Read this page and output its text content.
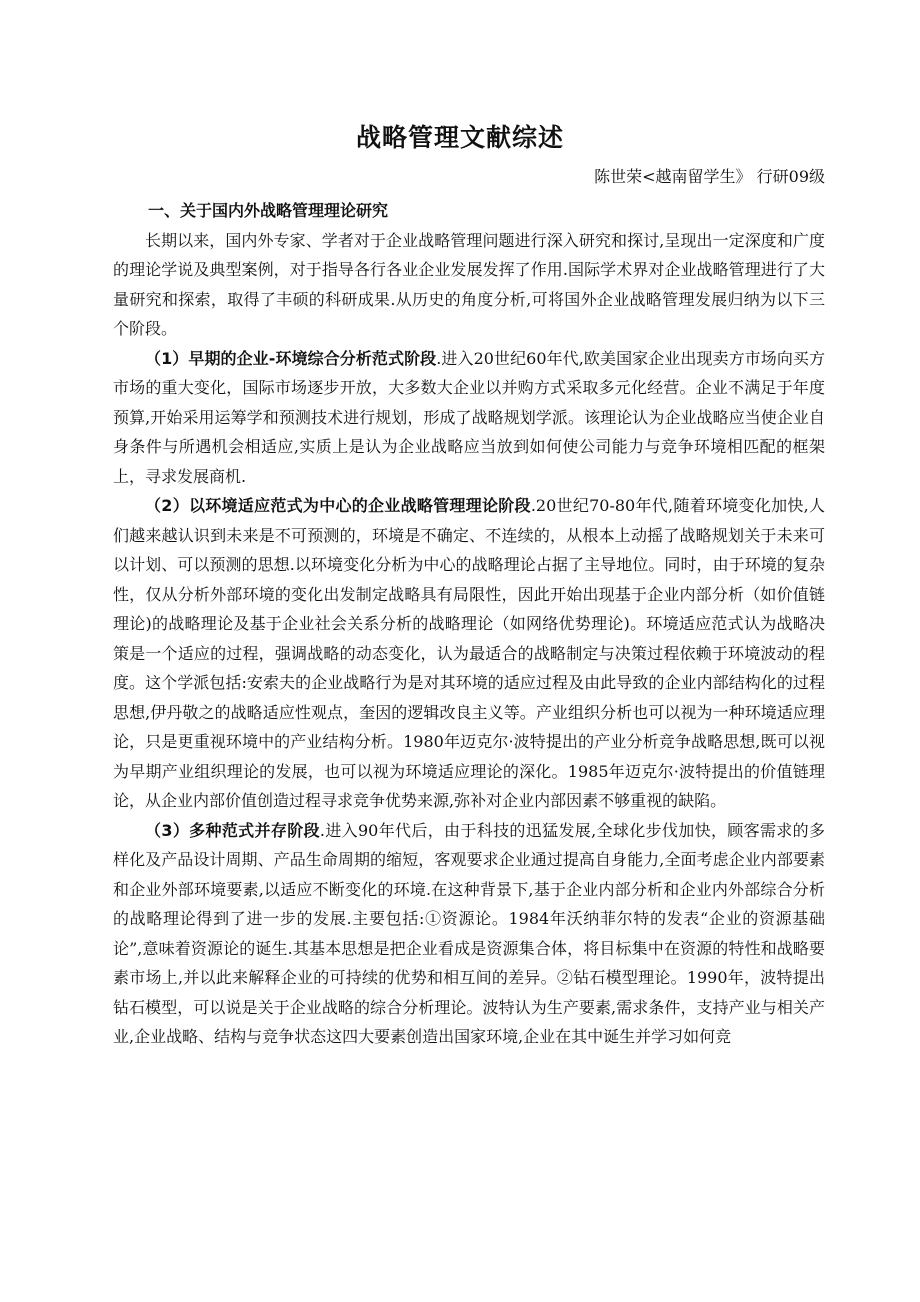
战略管理文献综述
陈世荣<越南留学生》 行研09级

一、关于国内外战略管理理论研究

长期以来，国内外专家、学者对于企业战略管理问题进行深入研究和探讨,呈现出一定深度和广度的理论学说及典型案例，对于指导各行各业企业发展发挥了作用.国际学术界对企业战略管理进行了大量研究和探索，取得了丰硕的科研成果.从历史的角度分析,可将国外企业战略管理发展归纳为以下三个阶段。

（1）早期的企业-环境综合分析范式阶段.进入20世纪60年代,欧美国家企业出现卖方市场向买方市场的重大变化，国际市场逐步开放，大多数大企业以并购方式采取多元化经营。企业不满足于年度预算,开始采用运筹学和预测技术进行规划，形成了战略规划学派。该理论认为企业战略应当使企业自身条件与所遇机会相适应,实质上是认为企业战略应当放到如何使公司能力与竞争环境相匹配的框架上，寻求发展商机.

（2）以环境适应范式为中心的企业战略管理理论阶段.20世纪70-80年代,随着环境变化加快,人们越来越认识到未来是不可预测的，环境是不确定、不连续的，从根本上动摇了战略规划关于未来可以计划、可以预测的思想.以环境变化分析为中心的战略理论占据了主导地位。同时，由于环境的复杂性，仅从分析外部环境的变化出发制定战略具有局限性，因此开始出现基于企业内部分析（如价值链理论)的战略理论及基于企业社会关系分析的战略理论（如网络优势理论)。环境适应范式认为战略决策是一个适应的过程，强调战略的动态变化，认为最适合的战略制定与决策过程依赖于环境波动的程度。这个学派包括:安索夫的企业战略行为是对其环境的适应过程及由此导致的企业内部结构化的过程思想,伊丹敬之的战略适应性观点，奎因的逻辑改良主义等。产业组织分析也可以视为一种环境适应理论，只是更重视环境中的产业结构分析。1980年迈克尔·波特提出的产业分析竞争战略思想,既可以视为早期产业组织理论的发展，也可以视为环境适应理论的深化。1985年迈克尔·波特提出的价值链理论，从企业内部价值创造过程寻求竞争优势来源,弥补对企业内部因素不够重视的缺陷。

（3）多种范式并存阶段.进入90年代后，由于科技的迅猛发展,全球化步伐加快，顾客需求的多样化及产品设计周期、产品生命周期的缩短，客观要求企业通过提高自身能力,全面考虑企业内部要素和企业外部环境要素,以适应不断变化的环境.在这种背景下,基于企业内部分析和企业内外部综合分析的战略理论得到了进一步的发展.主要包括:①资源论。1984年沃纳菲尔特的发表“企业的资源基础论”,意味着资源论的诞生.其基本思想是把企业看成是资源集合体，将目标集中在资源的特性和战略要素市场上,并以此来解释企业的可持续的优势和相互间的差异。②钻石模型理论。1990年，波特提出钻石模型，可以说是关于企业战略的综合分析理论。波特认为生产要素,需求条件，支持产业与相关产业,企业战略、结构与竞争状态这四大要素创造出国家环境,企业在其中诞生并学习如何竞
